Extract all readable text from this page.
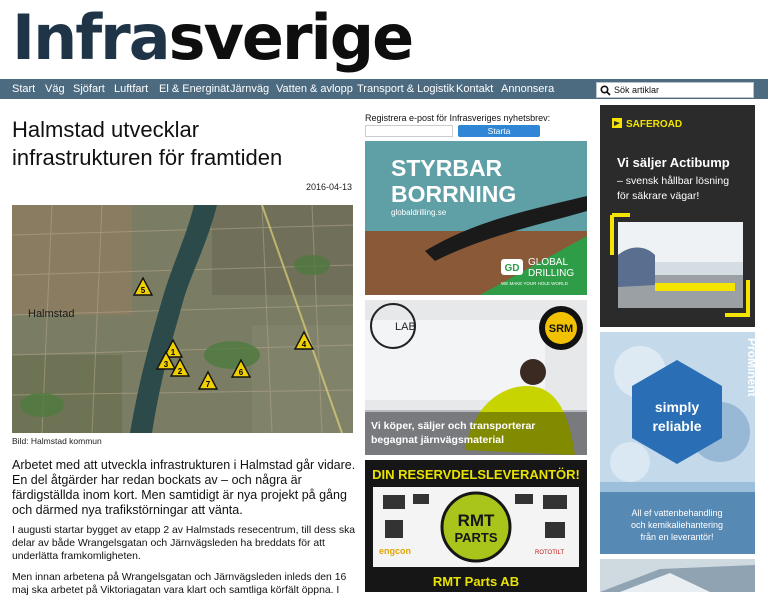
Infrasverige
Start Väg Sjöfart Luftfart El & Energinät Järnväg Vatten & avlopp Transport & Logistik Kontakt Annonsera
Sök artiklar
Halmstad utvecklar infrastrukturen för framtiden
2016-04-13
Halmstad
5
1
3
2
7
6
4
Bild: Halmstad kommun

Arbetet med att utveckla infrastrukturen i Halmstad går vidare. En del åtgärder har redan bockats av – och några är färdigställda inom kort. Men samtidigt är nya projekt på gång och därmed nya trafikstörningar att vänta.

I augusti startar bygget av etapp 2 av Halmstads resecentrum, till dess ska delar av både Wrangelsgatan och Järnvägsleden ha breddats för att underlätta framkomligheten.

Men innan arbetena på Wrangelsgatan och Järnvägsleden inleds den 16 maj ska arbetet på Viktoriagatan vara klart och samtliga körfält öppna. I

Registrera e-post för Infrasveriges nyhetsbrev:
Starta
STYRBAR
BORRNING
globaldrilling.se
GD
GLOBAL
DRILLING
WE MAKE YOUR HOLE WORLD
LAB	SRM
Vi köper, säljer och transporterar
begagnat järnvägsmaterial
DIN RESERVDELSLEVERANTÖR!
RMT
PARTS
engcon	ROTOTILT
RMT Parts AB
SAFEROAD
Vi säljer Actibump
– svensk hållbar lösning
för säkrare vägar!
simply
reliable
ProMinent
All ef vattenbehandling
och kemikaliehantering
från en leverantör!
